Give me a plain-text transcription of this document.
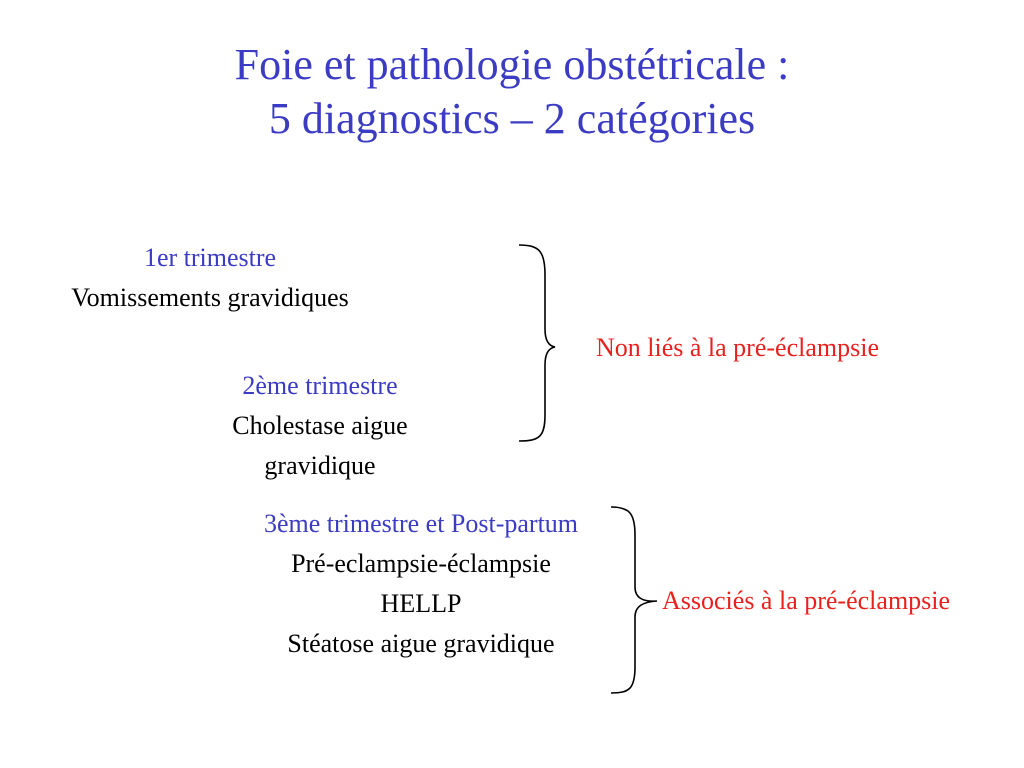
Foie et pathologie obstétricale :
5 diagnostics – 2 catégories
1er trimestre
Vomissements gravidiques
2ème trimestre
Cholestase aigue
gravidique
Non liés à la pré-éclampsie
3ème trimestre et Post-partum
Pré-eclampsie-éclampsie
HELLP
Stéatose aigue gravidique
Associés à la pré-éclampsie
